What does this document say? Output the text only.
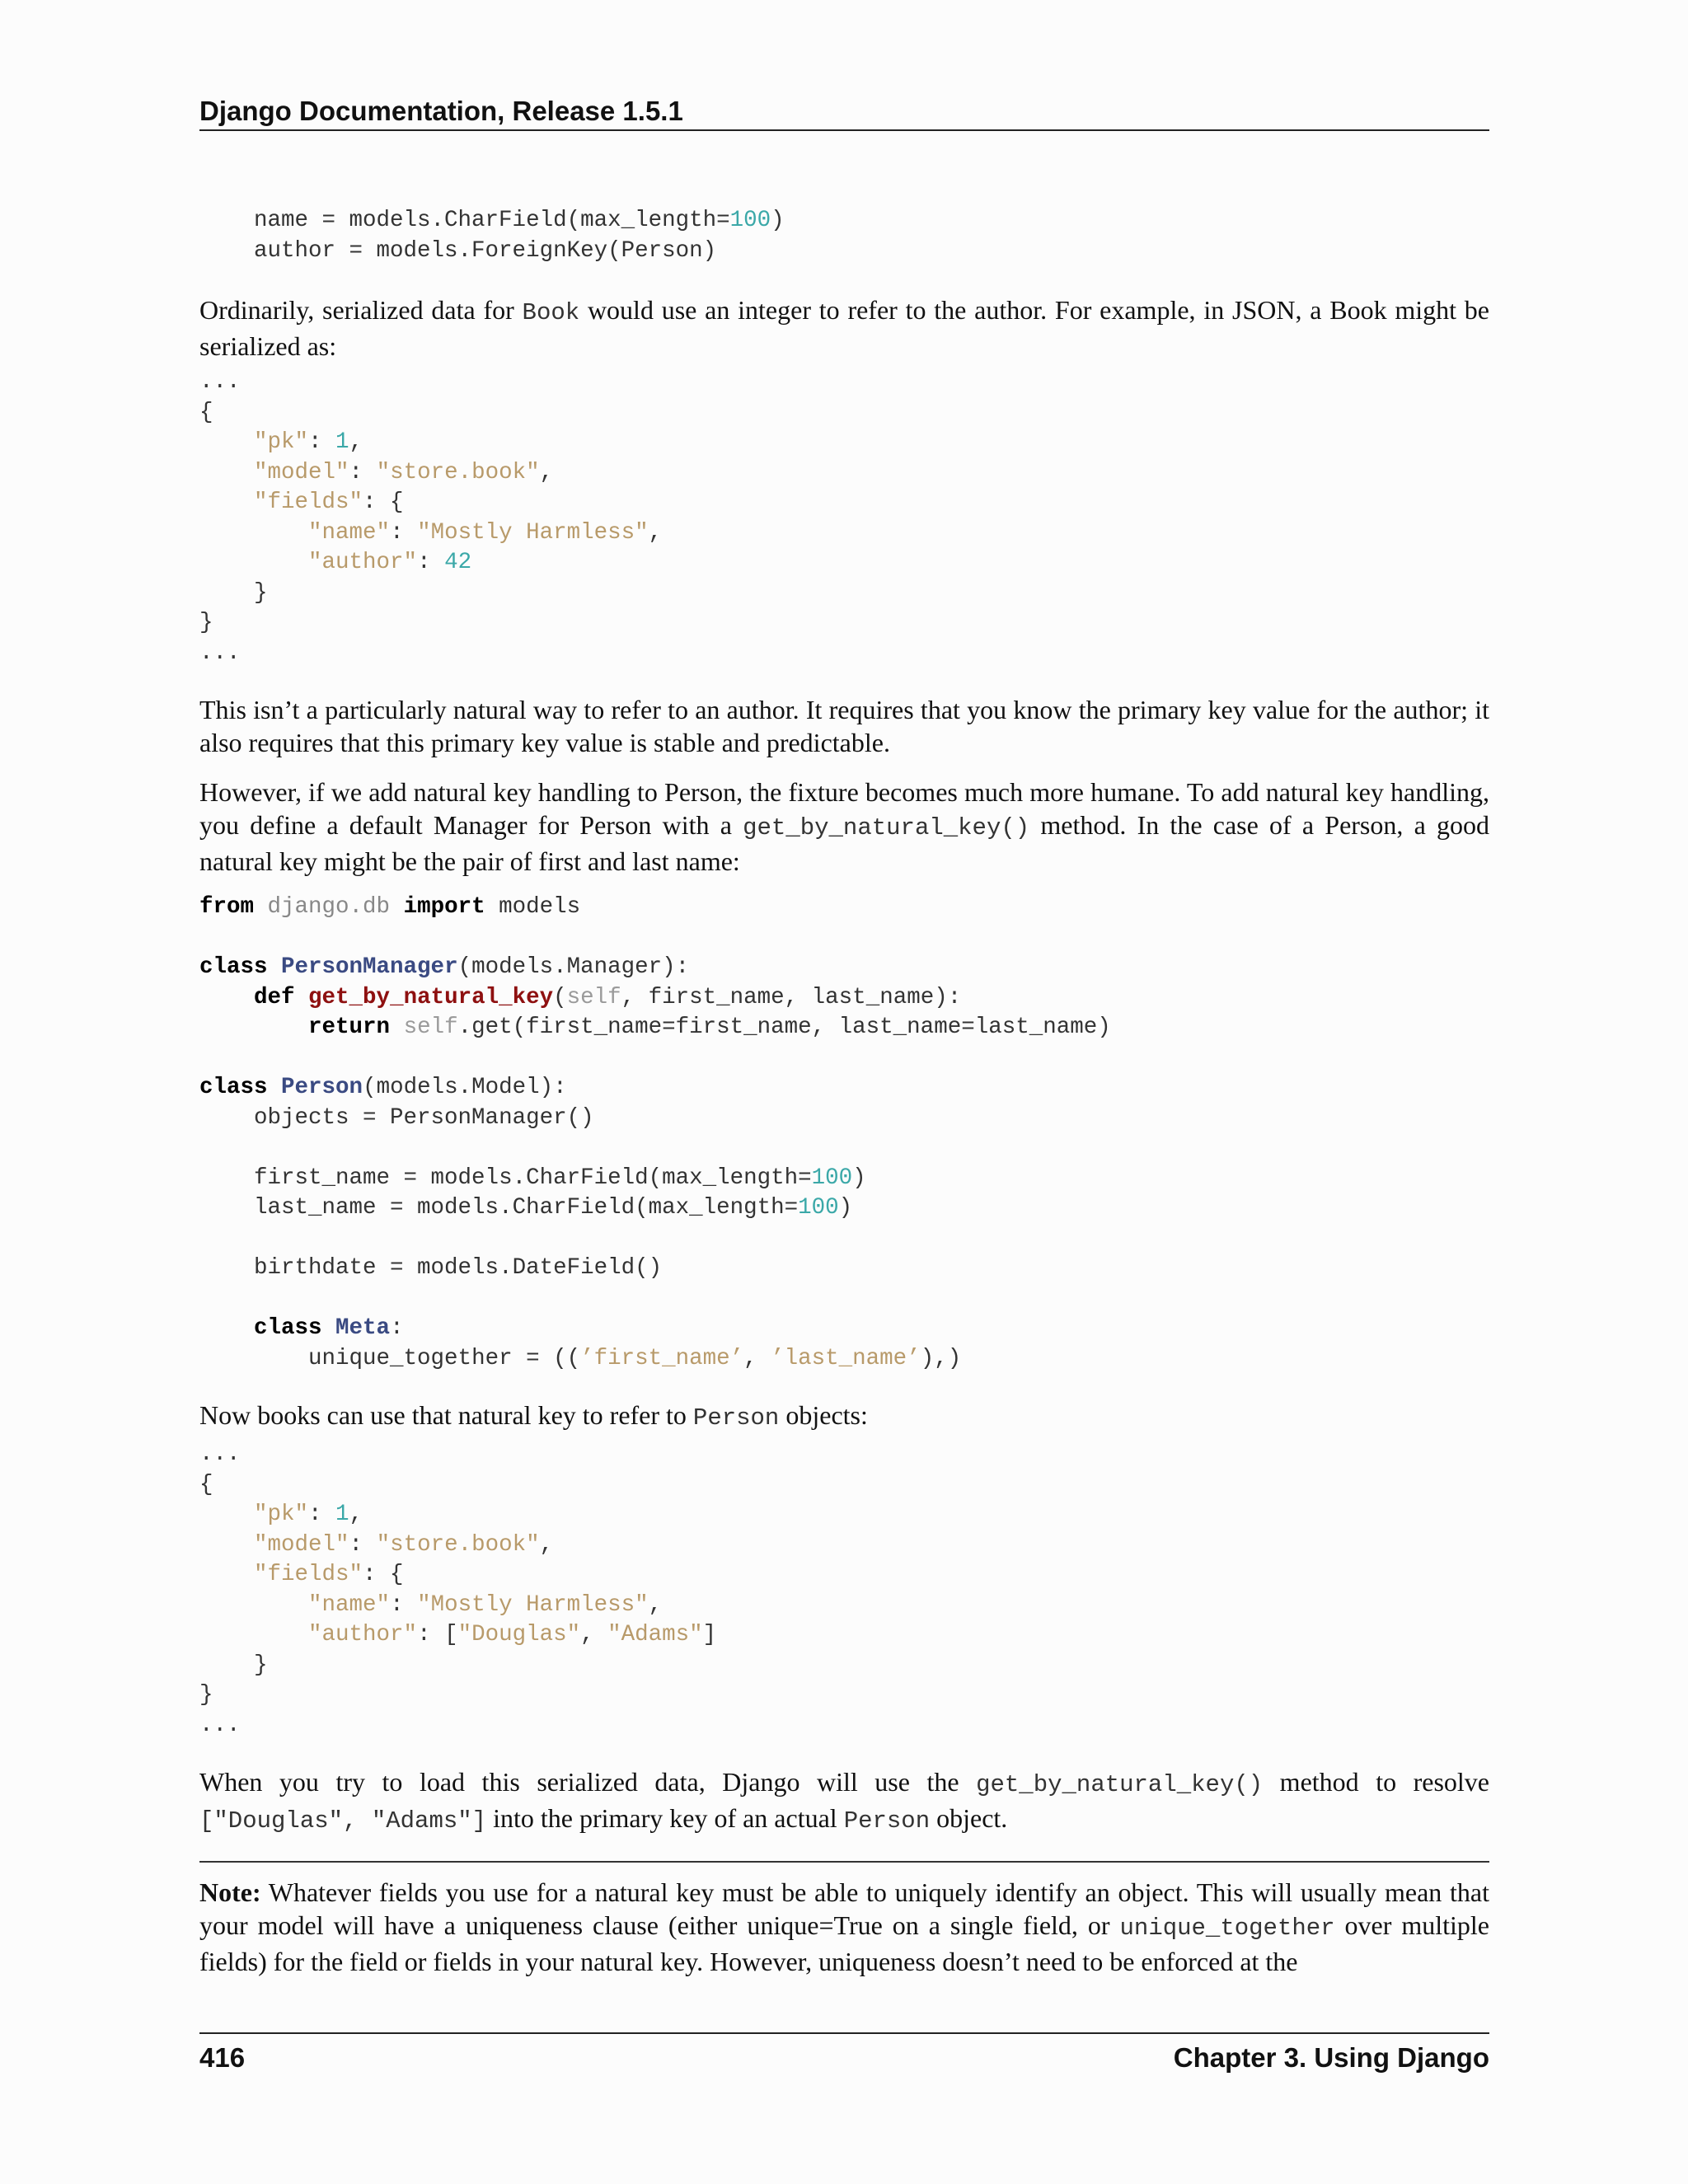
Django Documentation, Release 1.5.1
name = models.CharField(max_length=100)
author = models.ForeignKey(Person)

Ordinarily, serialized data for Book would use an integer to refer to the author. For example, in JSON, a Book might be serialized as:

...
{
"pk": 1,
"model": "store.book",
"fields": {
"name": "Mostly Harmless",
"author": 42
}
}
...

This isn’t a particularly natural way to refer to an author. It requires that you know the primary key value for the author; it also requires that this primary key value is stable and predictable.

However, if we add natural key handling to Person, the fixture becomes much more humane. To add natural key handling, you define a default Manager for Person with a get_by_natural_key() method. In the case of a Person, a good natural key might be the pair of first and last name:

from django.db import models

class PersonManager(models.Manager):
def get_by_natural_key(self, first_name, last_name):
return self.get(first_name=first_name, last_name=last_name)

class Person(models.Model):
objects = PersonManager()

first_name = models.CharField(max_length=100)
last_name = models.CharField(max_length=100)

birthdate = models.DateField()

class Meta:
unique_together = ((’first_name’, ’last_name’),)

Now books can use that natural key to refer to Person objects:

...
{
"pk": 1,
"model": "store.book",
"fields": {
"name": "Mostly Harmless",
"author": ["Douglas", "Adams"]
}
}
...

When you try to load this serialized data, Django will use the get_by_natural_key() method to resolve ["Douglas", "Adams"] into the primary key of an actual Person object.

Note: Whatever fields you use for a natural key must be able to uniquely identify an object. This will usually mean that your model will have a uniqueness clause (either unique=True on a single field, or unique_together over multiple fields) for the field or fields in your natural key. However, uniqueness doesn’t need to be enforced at the

416	Chapter 3. Using Django
